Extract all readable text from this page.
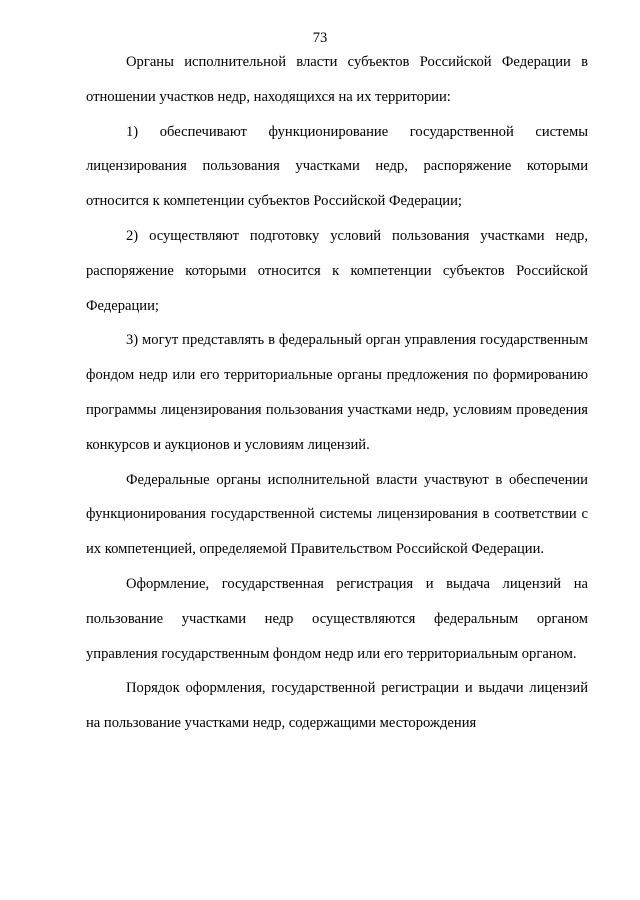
73

Органы исполнительной власти субъектов Российской Федерации в отношении участков недр, находящихся на их территории:

1) обеспечивают функционирование государственной системы лицензирования пользования участками недр, распоряжение которыми относится к компетенции субъектов Российской Федерации;

2) осуществляют подготовку условий пользования участками недр, распоряжение которыми относится к компетенции субъектов Российской Федерации;

3) могут представлять в федеральный орган управления государственным фондом недр или его территориальные органы предложения по формированию программы лицензирования пользования участками недр, условиям проведения конкурсов и аукционов и условиям лицензий.

Федеральные органы исполнительной власти участвуют в обеспечении функционирования государственной системы лицензирования в соответствии с их компетенцией, определяемой Правительством Российской Федерации.

Оформление, государственная регистрация и выдача лицензий на пользование участками недр осуществляются федеральным органом управления государственным фондом недр или его территориальным органом.

Порядок оформления, государственной регистрации и выдачи лицензий на пользование участками недр, содержащими месторождения
